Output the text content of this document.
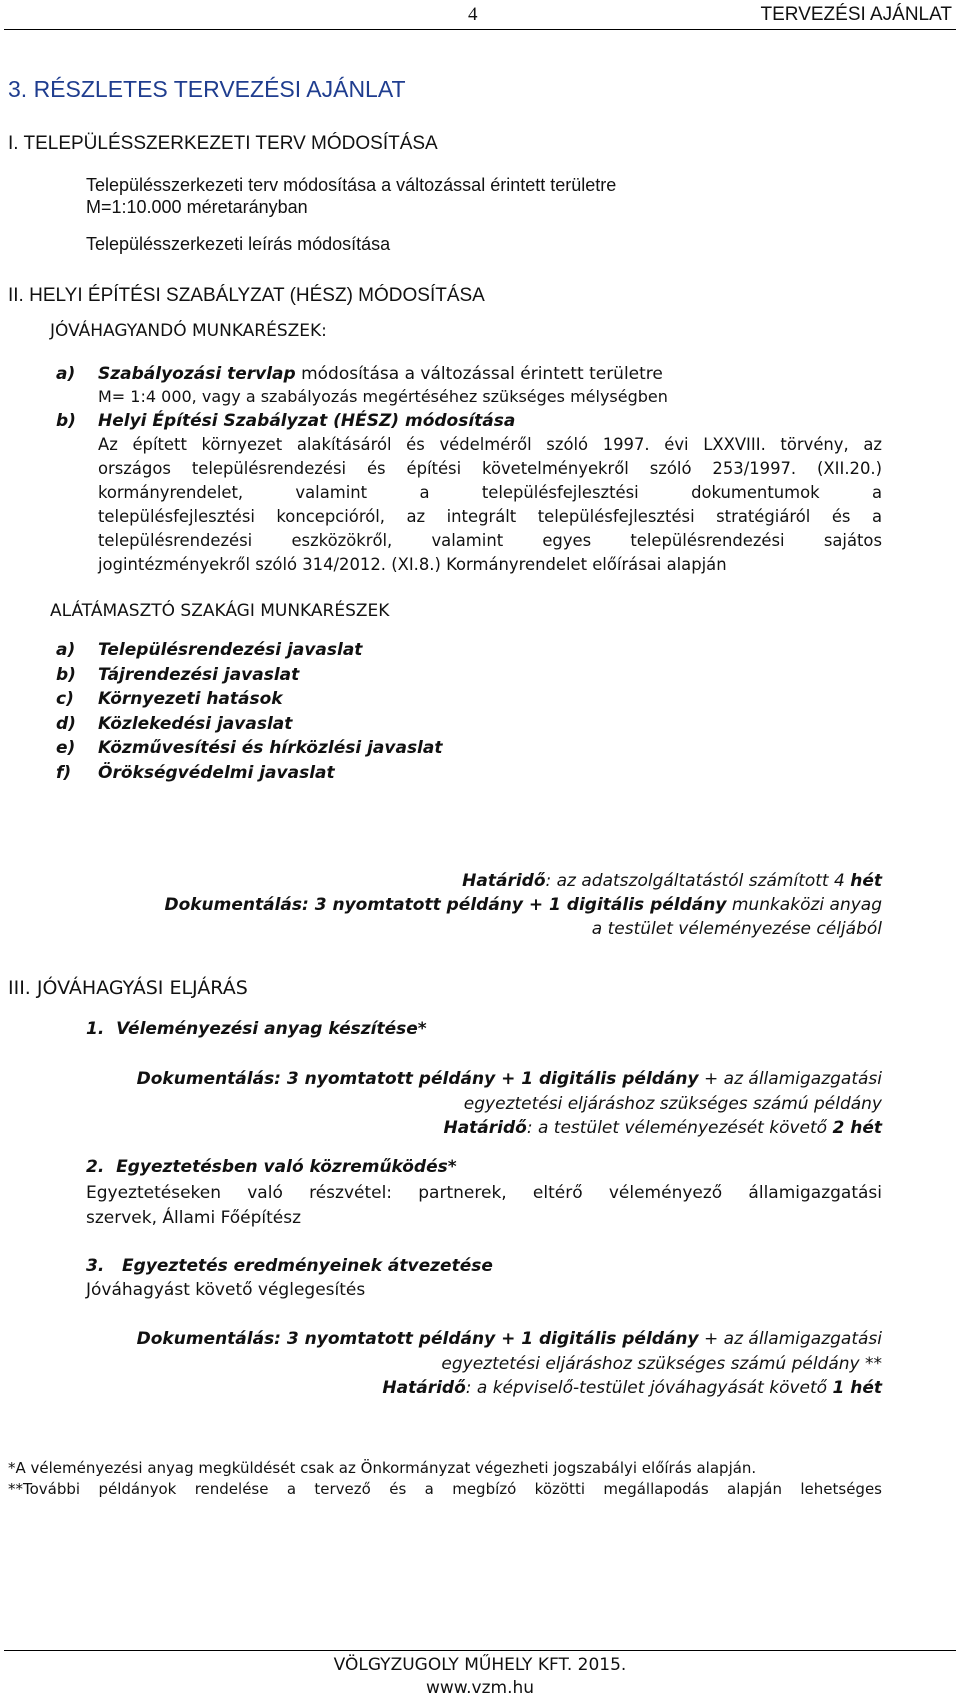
4	TERVEZÉSI AJÁNLAT
3. RÉSZLETES TERVEZÉSI AJÁNLAT
I. TELEPÜLÉSSZERKEZETI TERV MÓDOSÍTÁSA
Településszerkezeti terv módosítása a változással érintett területre
M=1:10.000 méretarányban
Településszerkezeti leírás módosítása
II. HELYI ÉPÍTÉSI SZABÁLYZAT (HÉSZ) MÓDOSÍTÁSA
JÓVÁHAGYANDÓ MUNKARÉSZEK:
a) Szabályozási tervlap módosítása a változással érintett területre
M= 1:4 000, vagy a szabályozás megértéséhez szükséges mélységben
b) Helyi Építési Szabályzat (HÉSZ) módosítása
Az épített környezet alakításáról és védelméről szóló 1997. évi LXXVIII. törvény, az
országos településrendezési és építési követelményekről szóló 253/1997. (XII.20.)
kormányrendelet, valamint a településfejlesztési dokumentumok a
településfejlesztési koncepcióról, az integrált településfejlesztési stratégiáról és a
településrendezési eszközökről, valamint egyes településrendezési sajátos
jogintézményekről szóló 314/2012. (XI.8.) Kormányrendelet előírásai alapján
ALÁTÁMASZTÓ SZAKÁGI MUNKARÉSZEK
a) Településrendezési javaslat
b) Tájrendezési javaslat
c) Környezeti hatások
d) Közlekedési javaslat
e) Közművesítési és hírközlési javaslat
f) Örökségvédelmi javaslat
Határidő: az adatszolgáltatástól számított 4 hét
Dokumentálás: 3 nyomtatott példány + 1 digitális példány munkaközi anyag
a testület véleményezése céljából
III. JÓVÁHAGYÁSI ELJÁRÁS
1.  Véleményezési anyag készítése*
Dokumentálás: 3 nyomtatott példány + 1 digitális példány + az államigazgatási
egyeztetési eljáráshoz szükséges számú példány
Határidő: a testület véleményezését követő 2 hét
2.  Egyeztetésben való közreműködés*
Egyeztetéseken való részvétel: partnerek, eltérő véleményező államigazgatási
szervek, Állami Főépítész
3.   Egyeztetés eredményeinek átvezetése
Jóváhagyást követő véglegesítés
Dokumentálás: 3 nyomtatott példány + 1 digitális példány + az államigazgatási
egyeztetési eljáráshoz szükséges számú példány **
Határidő: a képviselő-testület jóváhagyását követő 1 hét
*A véleményezési anyag megküldését csak az Önkormányzat végezheti jogszabályi előírás alapján.
**További példányok rendelése a tervező és a megbízó közötti megállapodás alapján lehetséges
VÖLGYZUGOLY MŰHELY KFT. 2015.
www.vzm.hu
